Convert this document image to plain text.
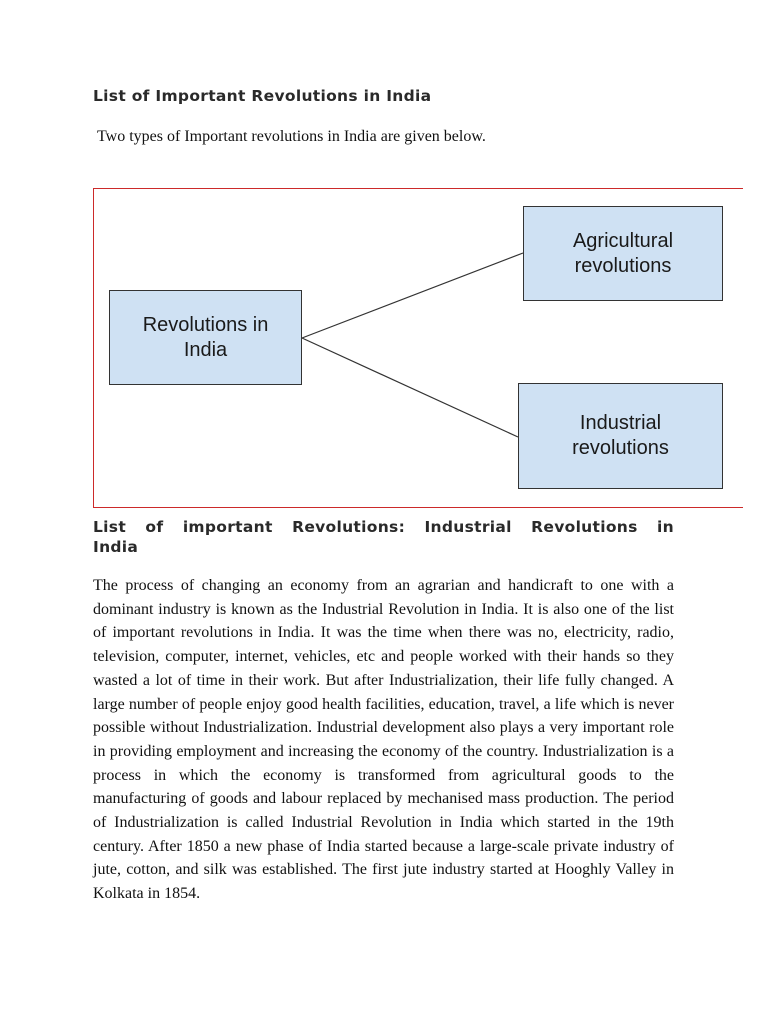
List of Important Revolutions in India

Two types of Important revolutions in India are given below.

Revolutions in
India
Agricultural
revolutions
Industrial
revolutions
List of important Revolutions: Industrial Revolutions in India

The process of changing an economy from an agrarian and handicraft to one with a dominant industry is known as the Industrial Revolution in India. It is also one of the list of important revolutions in India. It was the time when there was no, electricity, radio, television, computer, internet, vehicles, etc and people worked with their hands so they wasted a lot of time in their work. But after Industrialization, their life fully changed. A large number of people enjoy good health facilities, education, travel, a life which is never possible without Industrialization. Industrial development also plays a very important role in providing employment and increasing the economy of the country. Industrialization is a process in which the economy is transformed from agricultural goods to the manufacturing of goods and labour replaced by mechanised mass production. The period of Industrialization is called Industrial Revolution in India which started in the 19th century. After 1850 a new phase of India started because a large-scale private industry of jute, cotton, and silk was established. The first jute industry started at Hooghly Valley in Kolkata in 1854.
